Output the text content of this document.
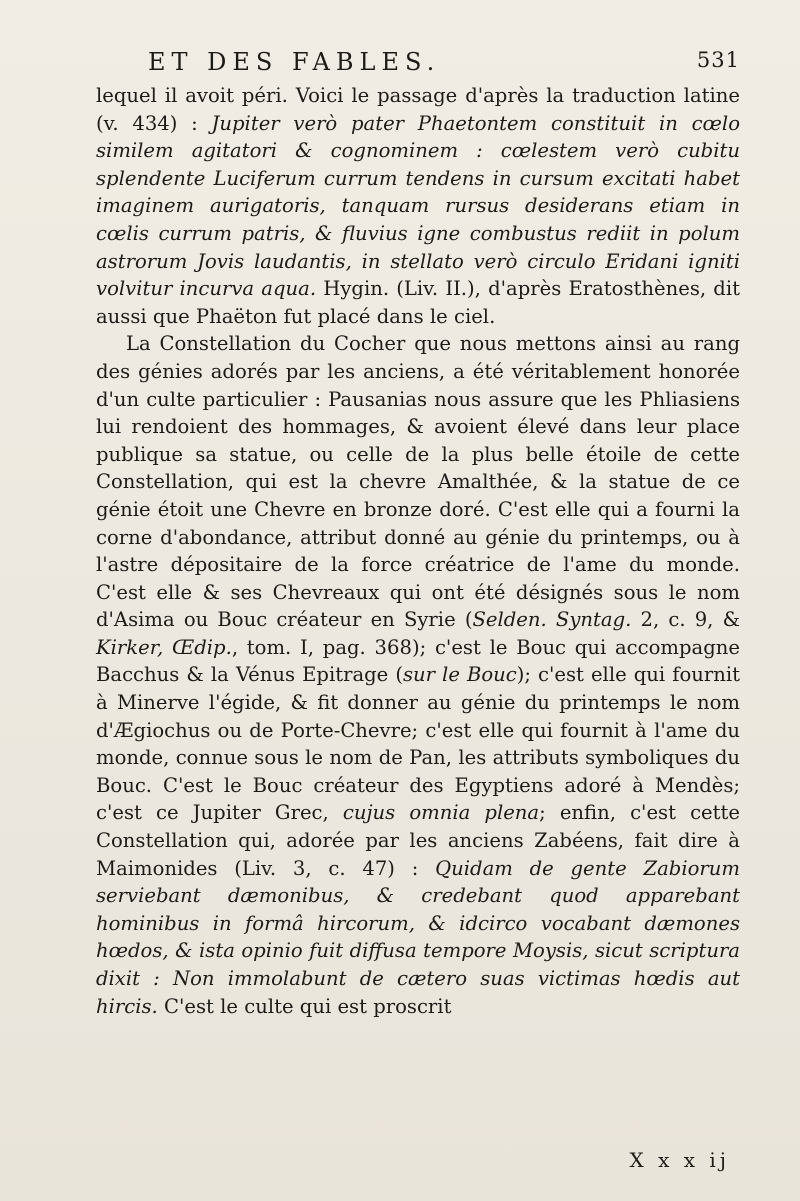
ET DES FABLES.	531

lequel il avoit péri. Voici le passage d'après la traduction latine (v. 434) : Jupiter verò pater Phaetontem constituit in cœlo similem agitatori & cognominem : cœlestem verò cubitu splendente Luciferum currum tendens in cursum excitati habet imaginem aurigatoris, tanquam rursus desiderans etiam in cœlis currum patris, & fluvius igne combustus rediit in polum astrorum Jovis laudantis, in stellato verò circulo Eridani igniti volvitur incurva aqua. Hygin. (Liv. II.), d'après Eratosthènes, dit aussi que Phaëton fut placé dans le ciel.

La Constellation du Cocher que nous mettons ainsi au rang des génies adorés par les anciens, a été véritablement honorée d'un culte particulier : Pausanias nous assure que les Phliasiens lui rendoient des hommages, & avoient élevé dans leur place publique sa statue, ou celle de la plus belle étoile de cette Constellation, qui est la chevre Amalthée, & la statue de ce génie étoit une Chevre en bronze doré. C'est elle qui a fourni la corne d'abondance, attribut donné au génie du printemps, ou à l'astre dépositaire de la force créatrice de l'ame du monde. C'est elle & ses Chevreaux qui ont été désignés sous le nom d'Asima ou Bouc créateur en Syrie (Selden. Syntag. 2, c. 9, & Kirker, Œdip., tom. I, pag. 368); c'est le Bouc qui accompagne Bacchus & la Vénus Epitrage (sur le Bouc); c'est elle qui fournit à Minerve l'égide, & fit donner au génie du printemps le nom d'Ægiochus ou de Porte-Chevre; c'est elle qui fournit à l'ame du monde, connue sous le nom de Pan, les attributs symboliques du Bouc. C'est le Bouc créateur des Egyptiens adoré à Mendès; c'est ce Jupiter Grec, cujus omnia plena; enfin, c'est cette Constellation qui, adorée par les anciens Zabéens, fait dire à Maimonides (Liv. 3, c. 47) : Quidam de gente Zabiorum serviebant dæmonibus, & credebant quod apparebant hominibus in formâ hircorum, & idcirco vocabant dæmones hœdos, & ista opinio fuit diffusa tempore Moysis, sicut scriptura dixit : Non immolabunt de cætero suas victimas hœdis aut hircis. C'est le culte qui est proscrit

X x x ij
